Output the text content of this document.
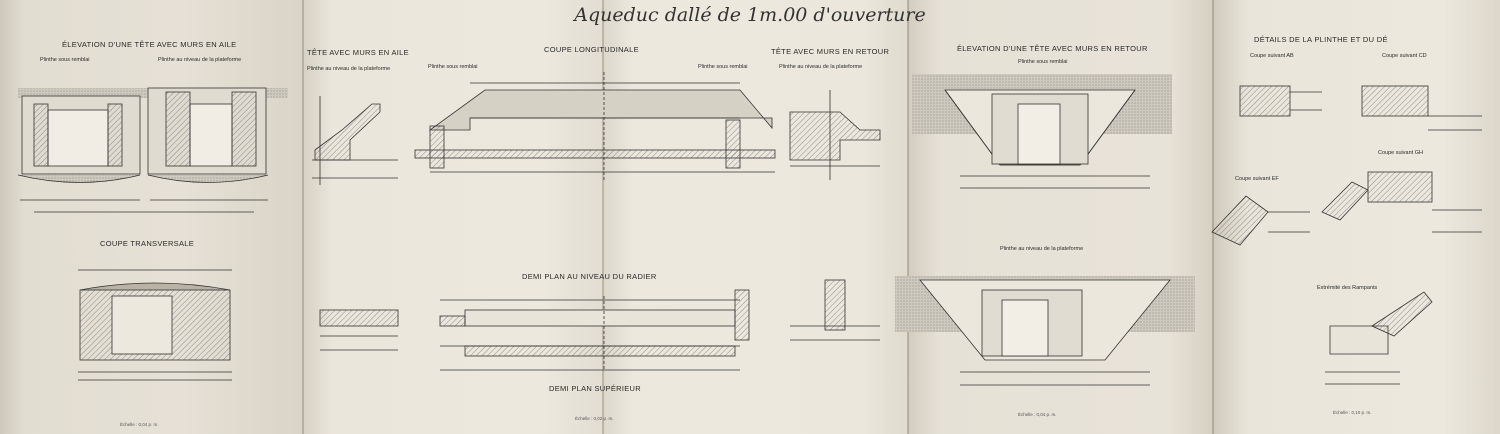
Aqueduc dallé de 1m.00 d'ouverture
ÉLEVATION D'UNE TÊTE AVEC MURS EN AILE
Plinthe sous remblai	Plinthe au niveau de la plateforme
COUPE TRANSVERSALE
Échelle : 0,04 p. m.
TÊTE AVEC MURS EN AILE
Plinthe au niveau de la plateforme
COUPE LONGITUDINALE
Plinthe sous remblai	Plinthe sous remblai
TÊTE AVEC MURS EN RETOUR
Plinthe au niveau de la plateforme
DEMI PLAN AU NIVEAU DU RADIER
DEMI PLAN SUPÉRIEUR
Échelle : 0,02 p. m.
ÉLEVATION D'UNE TÊTE AVEC MURS EN RETOUR
Plinthe sous remblai
Plinthe au niveau de la plateforme
Échelle : 0,04 p. m.
DÉTAILS DE LA PLINTHE ET DU DÉ
Coupe suivant AB	Coupe suivant CD
Coupe suivant GH
Coupe suivant EF
Extrémité des Rampants
Échelle : 0,10 p. m.
